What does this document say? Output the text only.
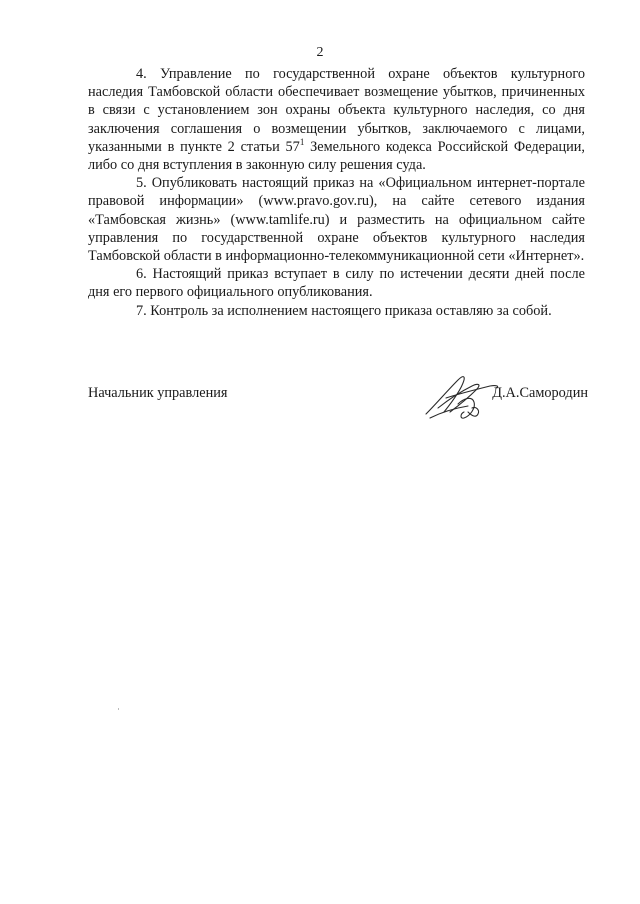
2

4. Управление по государственной охране объектов культурного наследия Тамбовской области обеспечивает возмещение убытков, причиненных в связи с установлением зон охраны объекта культурного наследия, со дня заключения соглашения о возмещении убытков, заключаемого с лицами, указанными в пункте 2 статьи $57^1$ Земельного кодекса Российской Федерации, либо со дня вступления в законную силу решения суда.

5. Опубликовать настоящий приказ на «Официальном интернет-портале правовой информации» (www.pravo.gov.ru), на сайте сетевого издания «Тамбовская жизнь» (www.tamlife.ru) и разместить на официальном сайте управления по государственной охране объектов культурного наследия Тамбовской области в информационно-телекоммуникационной сети «Интернет».

6. Настоящий приказ вступает в силу по истечении десяти дней после дня его первого официального опубликования.

7. Контроль за исполнением настоящего приказа оставляю за собой.

Начальник управления	Д.А.Самородин
